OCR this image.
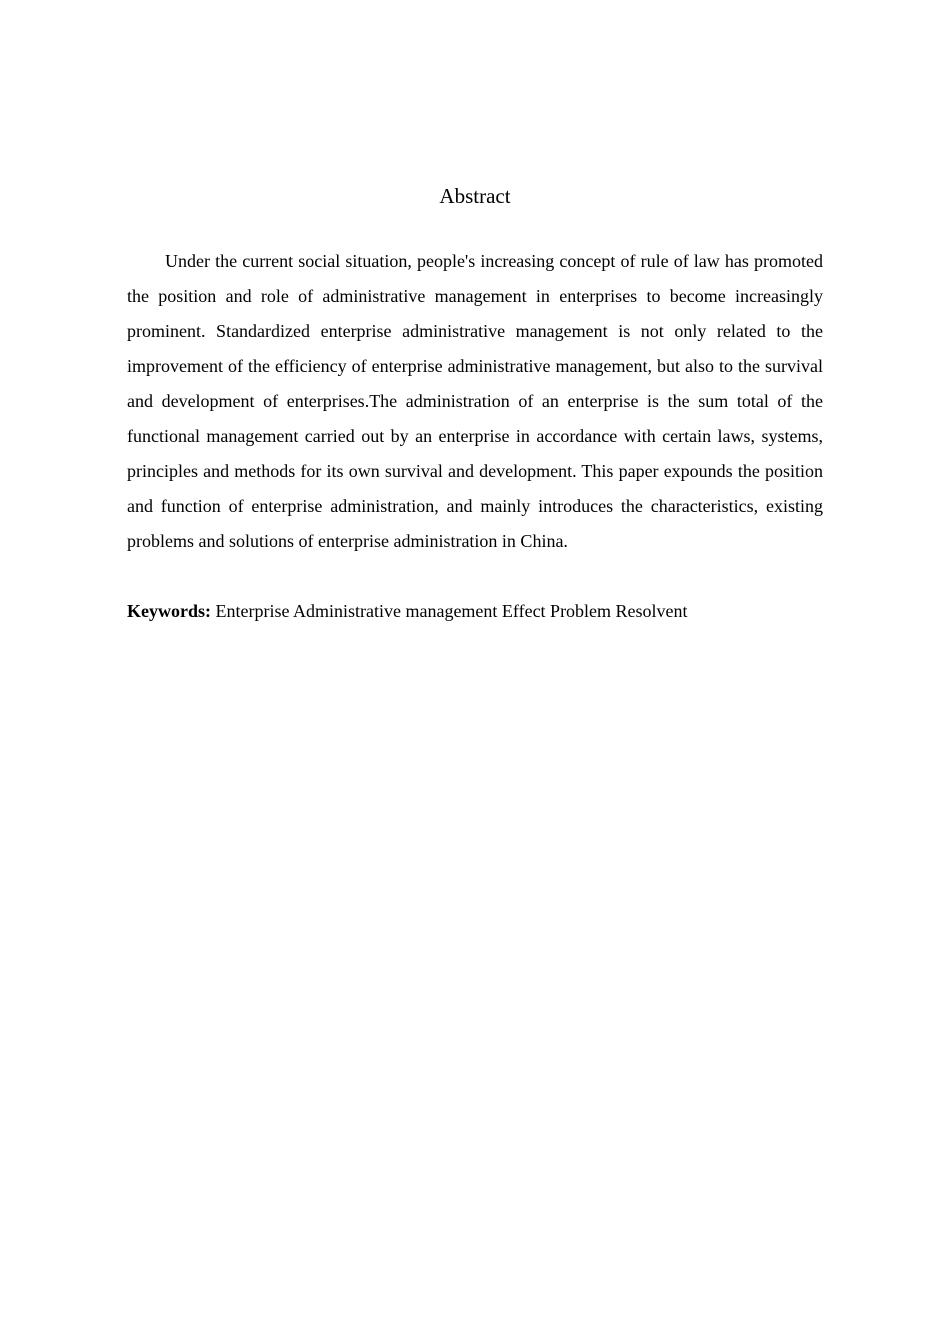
Abstract

Under the current social situation, people's increasing concept of rule of law has promoted the position and role of administrative management in enterprises to become increasingly prominent. Standardized enterprise administrative management is not only related to the improvement of the efficiency of enterprise administrative management, but also to the survival and development of enterprises.The administration of an enterprise is the sum total of the functional management carried out by an enterprise in accordance with certain laws, systems, principles and methods for its own survival and development. This paper expounds the position and function of enterprise administration, and mainly introduces the characteristics, existing problems and solutions of enterprise administration in China.

Keywords: Enterprise Administrative management Effect Problem Resolvent
